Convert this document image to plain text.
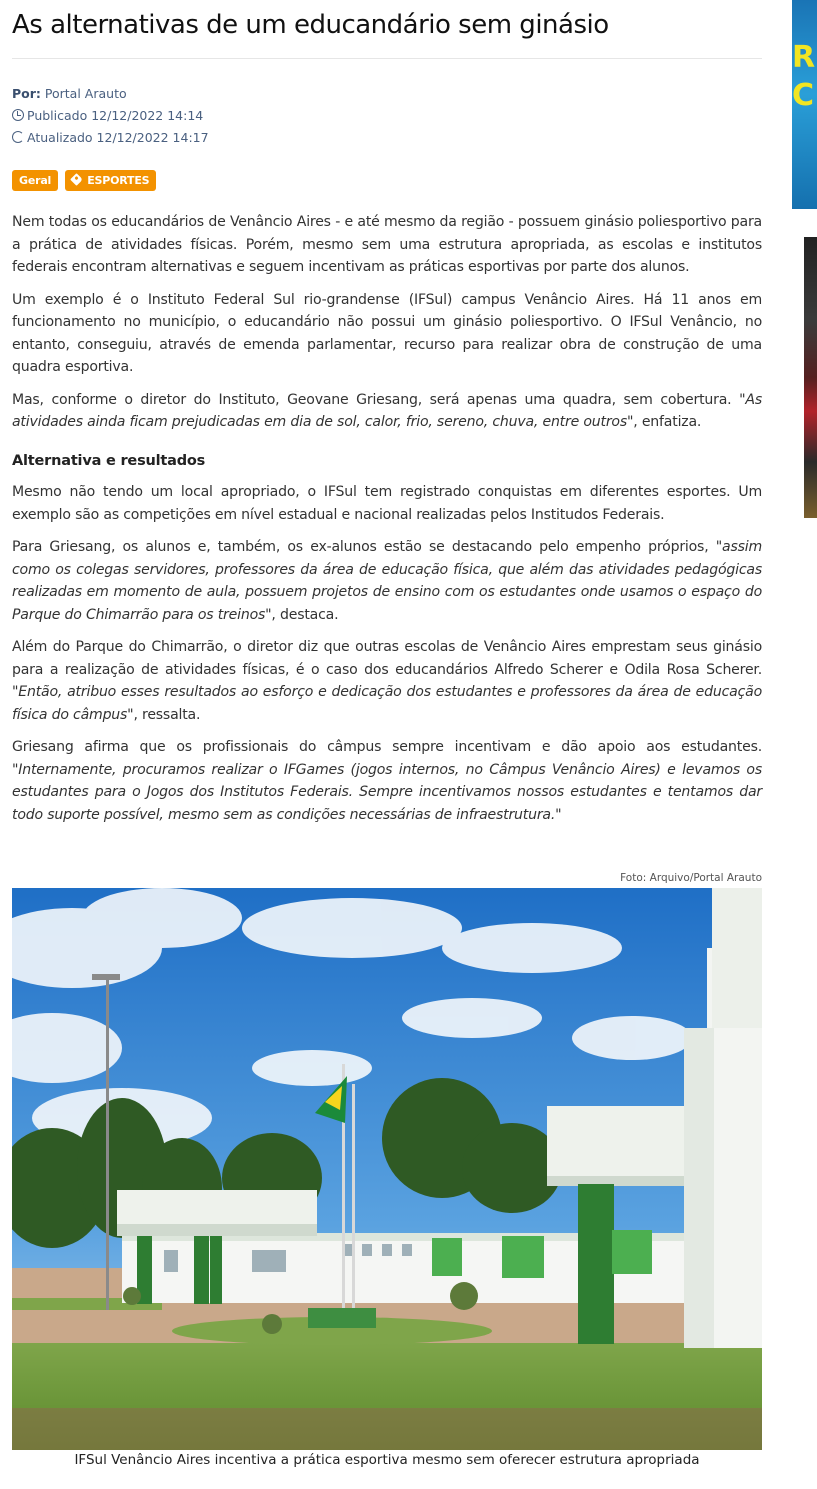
As alternativas de um educandário sem ginásio
Por: Portal Arauto
Publicado 12/12/2022 14:14
Atualizado 12/12/2022 14:17
Geral	ESPORTES

Nem todas os educandários de Venâncio Aires - e até mesmo da região - possuem ginásio poliesportivo para a prática de atividades físicas. Porém, mesmo sem uma estrutura apropriada, as escolas e institutos federais encontram alternativas e seguem incentivam as práticas esportivas por parte dos alunos.

Um exemplo é o Instituto Federal Sul rio-grandense (IFSul) campus Venâncio Aires. Há 11 anos em funcionamento no município, o educandário não possui um ginásio poliesportivo. O IFSul Venâncio, no entanto, conseguiu, através de emenda parlamentar, recurso para realizar obra de construção de uma quadra esportiva.

Mas, conforme o diretor do Instituto, Geovane Griesang, será apenas uma quadra, sem cobertura. "As atividades ainda ficam prejudicadas em dia de sol, calor, frio, sereno, chuva, entre outros", enfatiza.

Alternativa e resultados

Mesmo não tendo um local apropriado, o IFSul tem registrado conquistas em diferentes esportes. Um exemplo são as competições em nível estadual e nacional realizadas pelos Institudos Federais.

Para Griesang, os alunos e, também, os ex-alunos estão se destacando pelo empenho próprios, "assim como os colegas servidores, professores da área de educação física, que além das atividades pedagógicas realizadas em momento de aula, possuem projetos de ensino com os estudantes onde usamos o espaço do Parque do Chimarrão para os treinos", destaca.

Além do Parque do Chimarrão, o diretor diz que outras escolas de Venâncio Aires emprestam seus ginásio para a realização de atividades físicas, é o caso dos educandários Alfredo Scherer e Odila Rosa Scherer. "Então, atribuo esses resultados ao esforço e dedicação dos estudantes e professores da área de educação física do câmpus", ressalta.

Griesang afirma que os profissionais do câmpus sempre incentivam e dão apoio aos estudantes. "Internamente, procuramos realizar o IFGames (jogos internos, no Câmpus Venâncio Aires) e levamos os estudantes para o Jogos dos Institutos Federais. Sempre incentivamos nossos estudantes e tentamos dar todo suporte possível, mesmo sem as condições necessárias de infraestrutura."

Foto: Arquivo/Portal Arauto
IFSul Venâncio Aires incentiva a prática esportiva mesmo sem oferecer estrutura apropriada
R
C
